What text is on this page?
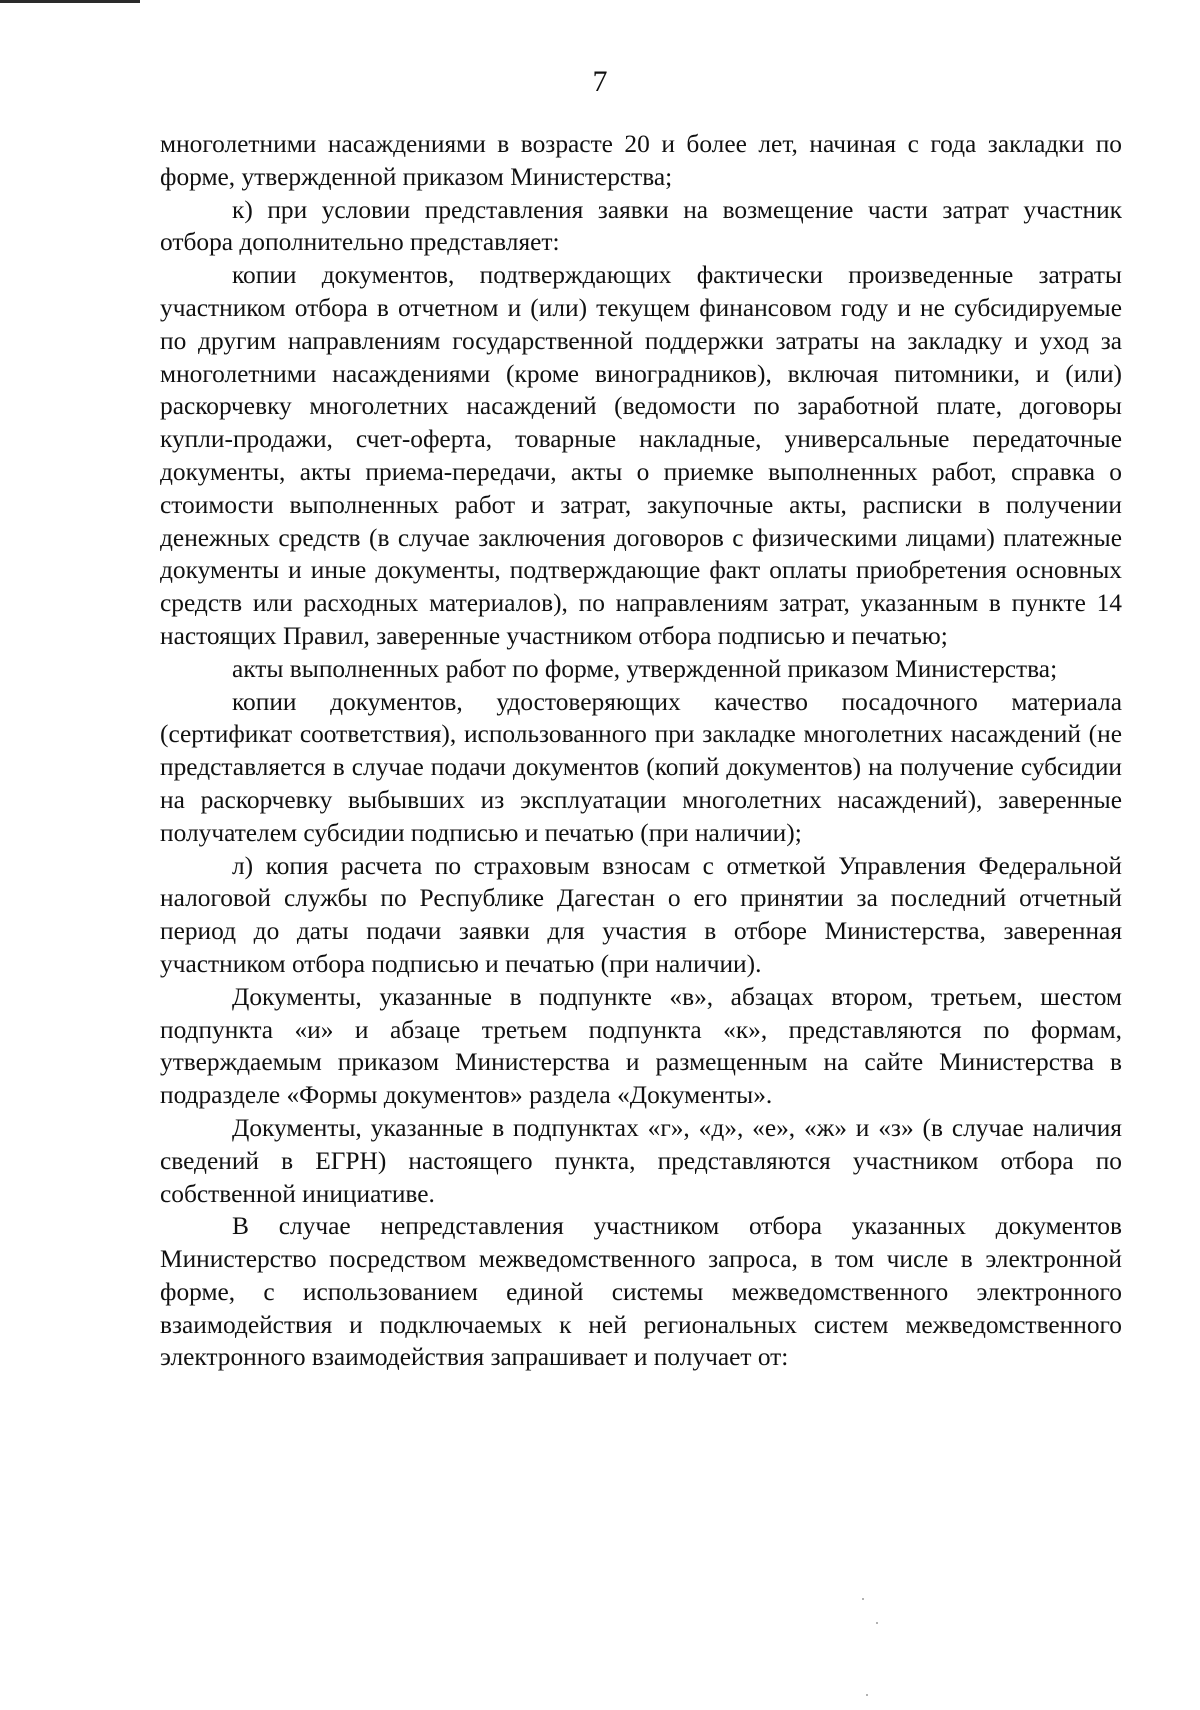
7

многолетними насаждениями в возрасте 20 и более лет, начиная с года закладки по форме, утвержденной приказом Министерства;

к) при условии представления заявки на возмещение части затрат участник отбора дополнительно представляет:

копии документов, подтверждающих фактически произведенные затраты участником отбора в отчетном и (или) текущем финансовом году и не субсидируемые по другим направлениям государственной поддержки затраты на закладку и уход за многолетними насаждениями (кроме виноградников), включая питомники, и (или) раскорчевку многолетних насаждений (ведомости по заработной плате, договоры купли-продажи, счет-оферта, товарные накладные, универсальные передаточные документы, акты приема-передачи, акты о приемке выполненных работ, справка о стоимости выполненных работ и затрат, закупочные акты, расписки в получении денежных средств (в случае заключения договоров с физическими лицами) платежные документы и иные документы, подтверждающие факт оплаты приобретения основных средств или расходных материалов), по направлениям затрат, указанным в пункте 14 настоящих Правил, заверенные участником отбора подписью и печатью;

акты выполненных работ по форме, утвержденной приказом Министерства;

копии документов, удостоверяющих качество посадочного материала (сертификат соответствия), использованного при закладке многолетних насаждений (не представляется в случае подачи документов (копий документов) на получение субсидии на раскорчевку выбывших из эксплуатации многолетних насаждений), заверенные получателем субсидии подписью и печатью (при наличии);

л) копия расчета по страховым взносам с отметкой Управления Федеральной налоговой службы по Республике Дагестан о его принятии за последний отчетный период до даты подачи заявки для участия в отборе Министерства, заверенная участником отбора подписью и печатью (при наличии).

Документы, указанные в подпункте «в», абзацах втором, третьем, шестом подпункта «и» и абзаце третьем подпункта «к», представляются по формам, утверждаемым приказом Министерства и размещенным на сайте Министерства в подразделе «Формы документов» раздела «Документы».

Документы, указанные в подпунктах «г», «д», «е», «ж» и «з» (в случае наличия сведений в ЕГРН) настоящего пункта, представляются участником отбора по собственной инициативе.

В случае непредставления участником отбора указанных документов Министерство посредством межведомственного запроса, в том числе в электронной форме, с использованием единой системы межведомственного электронного взаимодействия и подключаемых к ней региональных систем межведомственного электронного взаимодействия запрашивает и получает от:
